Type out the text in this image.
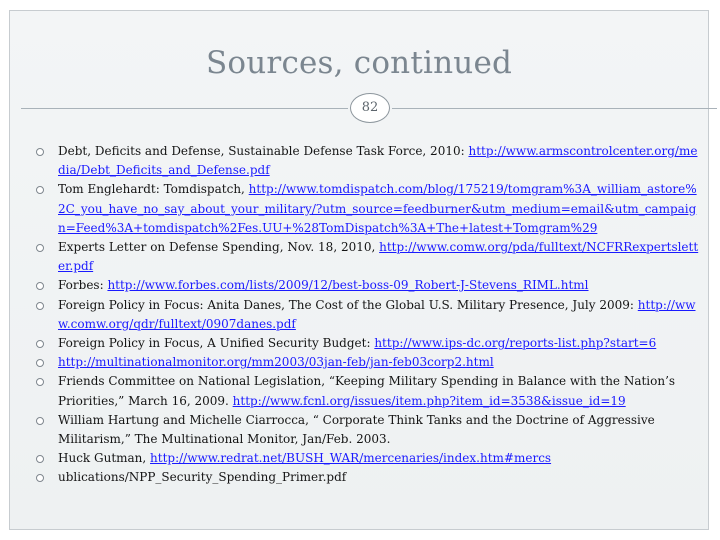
Sources, continued
82
Debt, Deficits and Defense, Sustainable Defense Task Force, 2010: http://www.armscontrolcenter.org/media/Debt_Deficits_and_Defense.pdf
Tom Englehardt: Tomdispatch, http://www.tomdispatch.com/blog/175219/tomgram%3A_william_astore%2C_you_have_no_say_about_your_military/?utm_source=feedburner&utm_medium=email&utm_campaign=Feed%3A+tomdispatch%2Fes.UU+%28TomDispatch%3A+The+latest+Tomgram%29
Experts Letter on Defense Spending, Nov. 18, 2010, http://www.comw.org/pda/fulltext/NCFRRexpertsletter.pdf
Forbes: http://www.forbes.com/lists/2009/12/best-boss-09_Robert-J-Stevens_RIML.html
Foreign Policy in Focus: Anita Danes, The Cost of the Global U.S. Military Presence, July 2009: http://www.comw.org/qdr/fulltext/0907danes.pdf
Foreign Policy in Focus, A Unified Security Budget: http://www.ips-dc.org/reports-list.php?start=6
http://multinationalmonitor.org/mm2003/03jan-feb/jan-feb03corp2.html
Friends Committee on National Legislation, “Keeping Military Spending in Balance with the Nation’s Priorities,” March 16, 2009. http://www.fcnl.org/issues/item.php?item_id=3538&issue_id=19
William Hartung and Michelle Ciarrocca, “ Corporate Think Tanks and the Doctrine of Aggressive Militarism,” The Multinational Monitor, Jan/Feb. 2003.
Huck Gutman, http://www.redrat.net/BUSH_WAR/mercenaries/index.htm#mercs
ublications/NPP_Security_Spending_Primer.pdf
